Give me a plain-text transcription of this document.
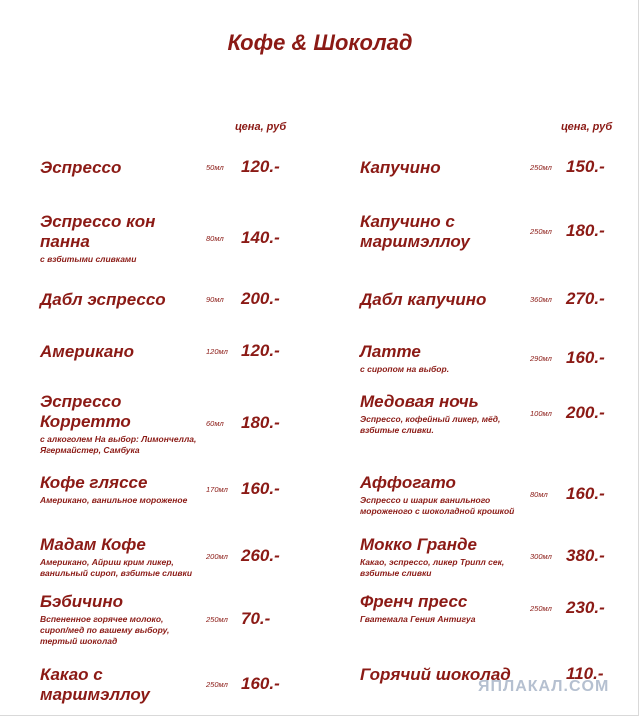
Кофе & Шоколад
цена, руб	цена, руб
Эспрессо	50мл 120.-
Эспрессо кон
панна
с взбитыми сливками
80мл 140.-
Дабл эспрессо	90мл 200.-
Американо	120мл 120.-
Эспрессо
Корретто
с алкоголем На выбор: Лимончелла,
Ягермайстер, Самбука
60мл 180.-
Кофе гляссе
Американо, ванильное мороженое
170мл 160.-
Мадам Кофе
Американо, Айриш крим ликер,
ванильный сироп, взбитые сливки
200мл 260.-
Бэбичино
Вспененное горячее молоко,
сироп/мед по вашему выбору,
тертый шоколад
250мл 70.-
Какао с
маршмэллоу
250мл 160.-
Капучино	250мл 150.-
Капучино с
маршмэллоу
250мл 180.-
Дабл капучино	360мл 270.-
Латте
с сиропом на выбор.
290мл 160.-
Медовая ночь
Эспрессо, кофейный ликер, мёд,
взбитые сливки.
100мл 200.-
Аффогато
Эспрессо и шарик ванильного
мороженого с шоколадной крошкой
80мл 160.-
Мокко Гранде
Какао, эспрессо, ликер Трипл сек,
взбитые сливки
300мл 380.-
Френч пресс
Гватемала Гения Антигуа
250мл 230.-
Горячий шоколад	110.-
ЯПЛАКАЛ.COM
